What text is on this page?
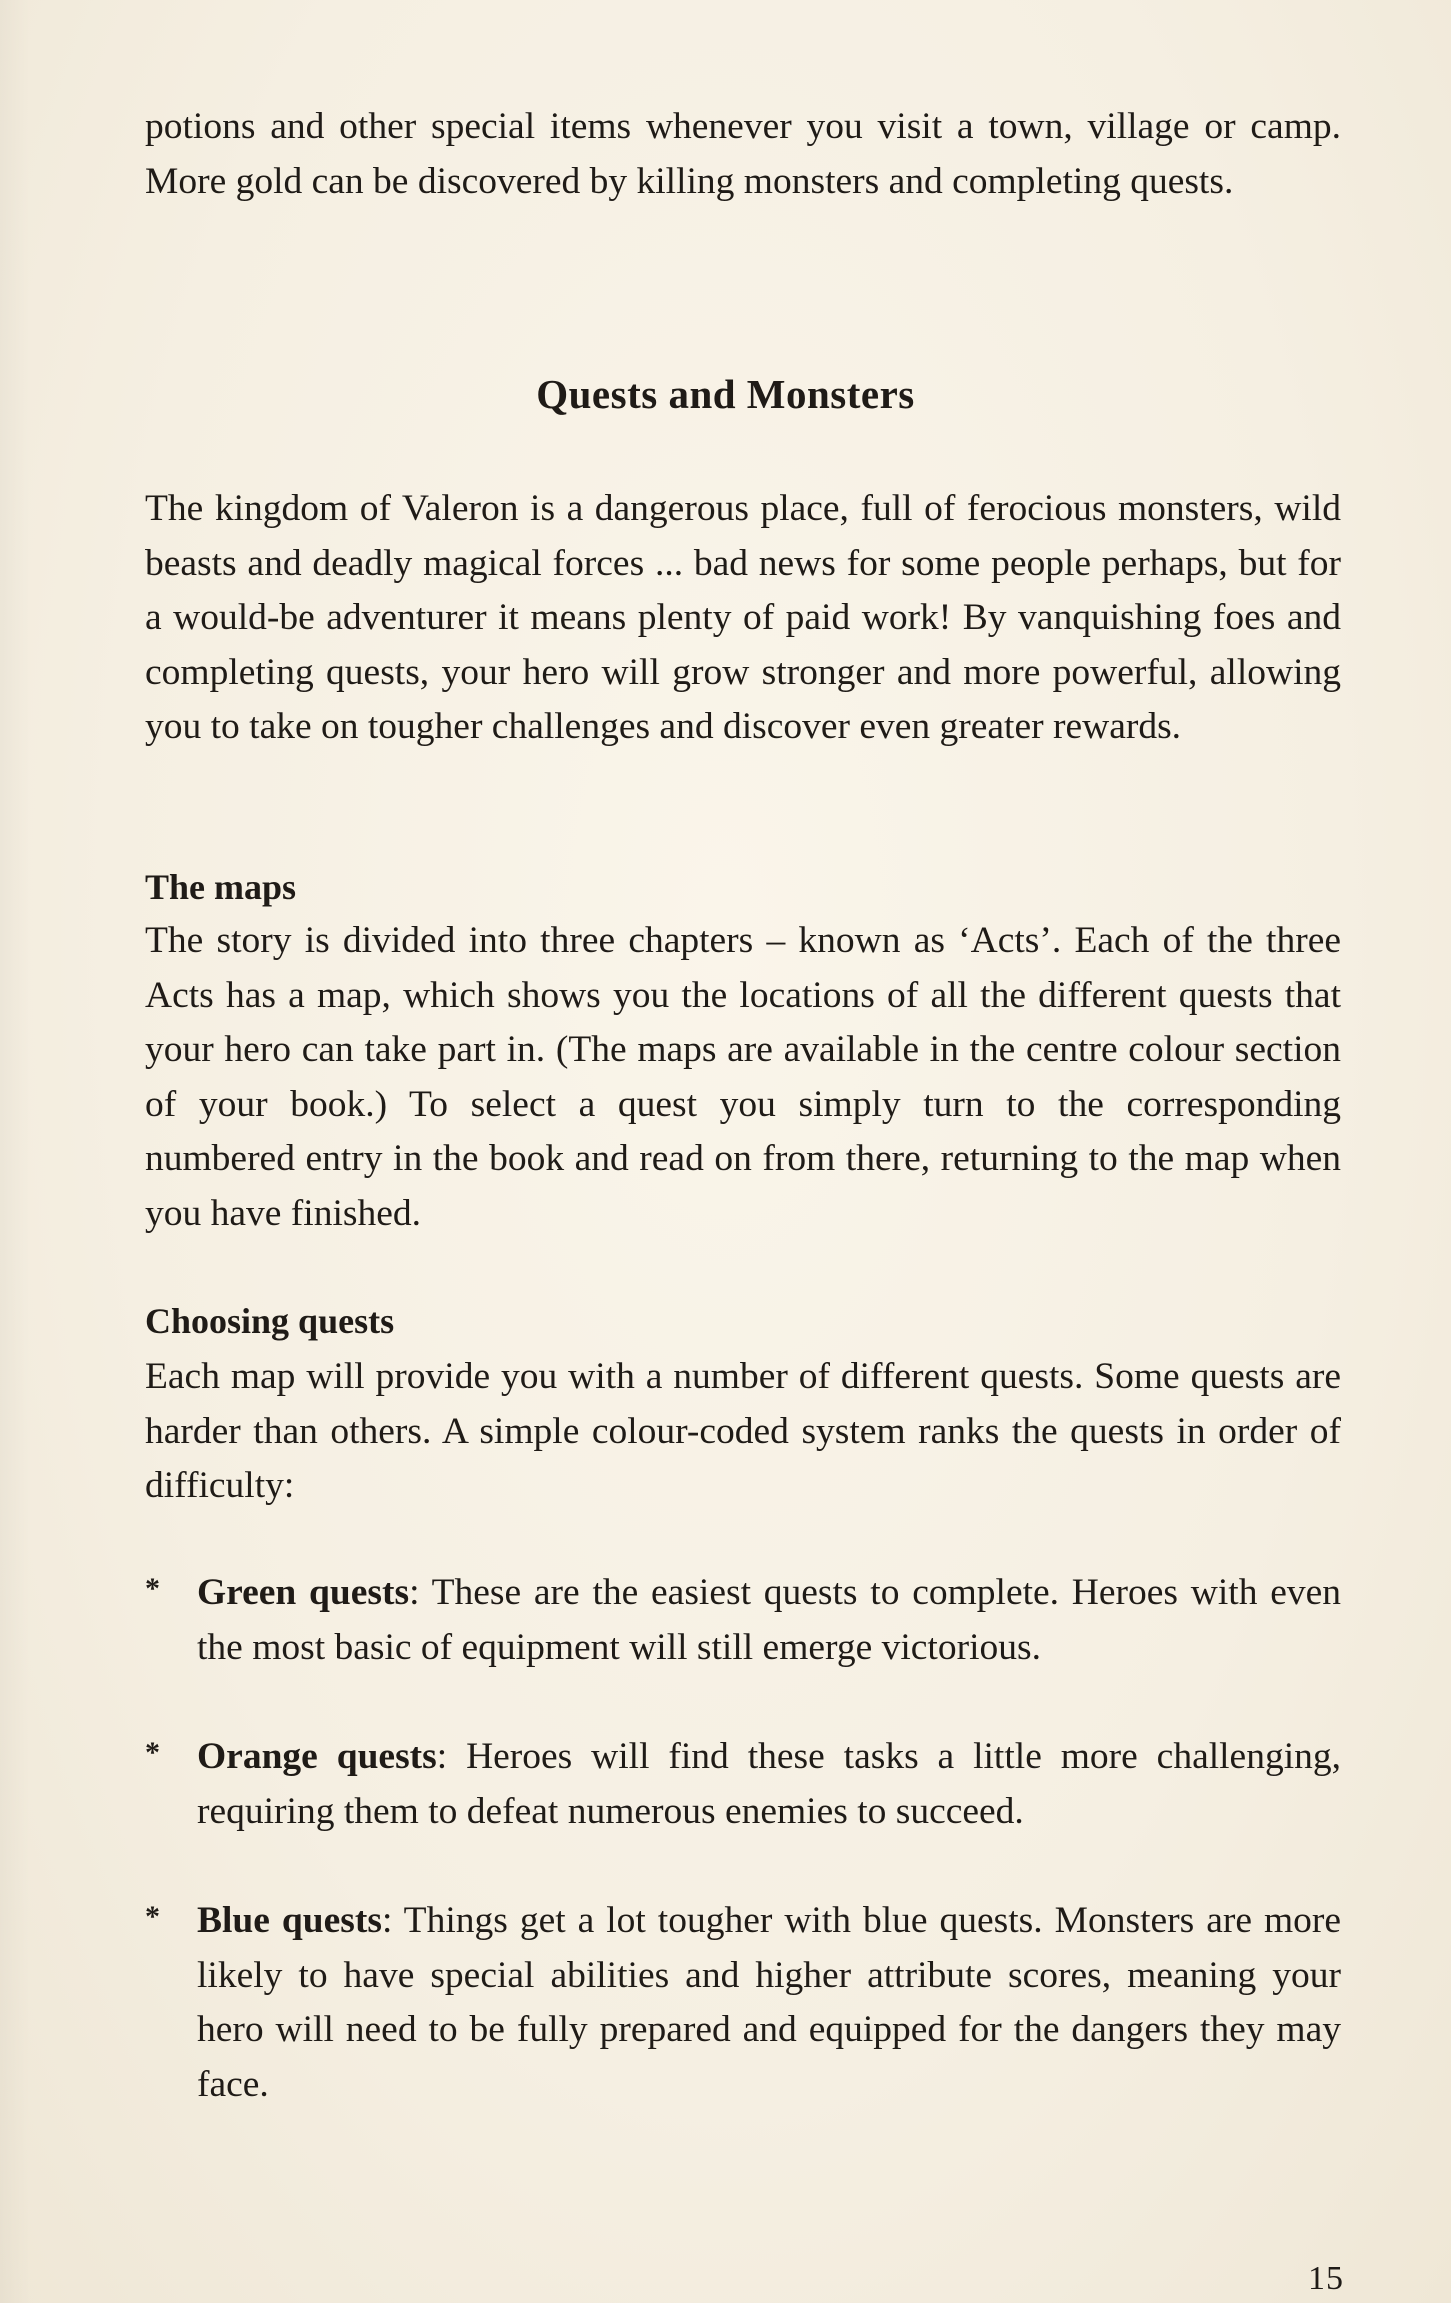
potions and other special items whenever you visit a town, village or camp. More gold can be discovered by killing monsters and completing quests.

Quests and Monsters

The kingdom of Valeron is a dangerous place, full of ferocious monsters, wild beasts and deadly magical forces ... bad news for some people perhaps, but for a would-be adventurer it means plenty of paid work! By vanquishing foes and completing quests, your hero will grow stronger and more powerful, allowing you to take on tougher challenges and discover even greater rewards.

The maps

The story is divided into three chapters – known as ‘Acts’. Each of the three Acts has a map, which shows you the locations of all the different quests that your hero can take part in. (The maps are available in the centre colour section of your book.) To select a quest you simply turn to the corresponding numbered entry in the book and read on from there, returning to the map when you have finished.

Choosing quests

Each map will provide you with a number of different quests. Some quests are harder than others. A simple colour-coded system ranks the quests in order of difficulty:

* Green quests: These are the easiest quests to complete. Heroes with even the most basic of equipment will still emerge victorious.
* Orange quests: Heroes will find these tasks a little more challenging, requiring them to defeat numerous enemies to succeed.
* Blue quests: Things get a lot tougher with blue quests. Monsters are more likely to have special abilities and higher attribute scores, meaning your hero will need to be fully prepared and equipped for the dangers they may face.
15
